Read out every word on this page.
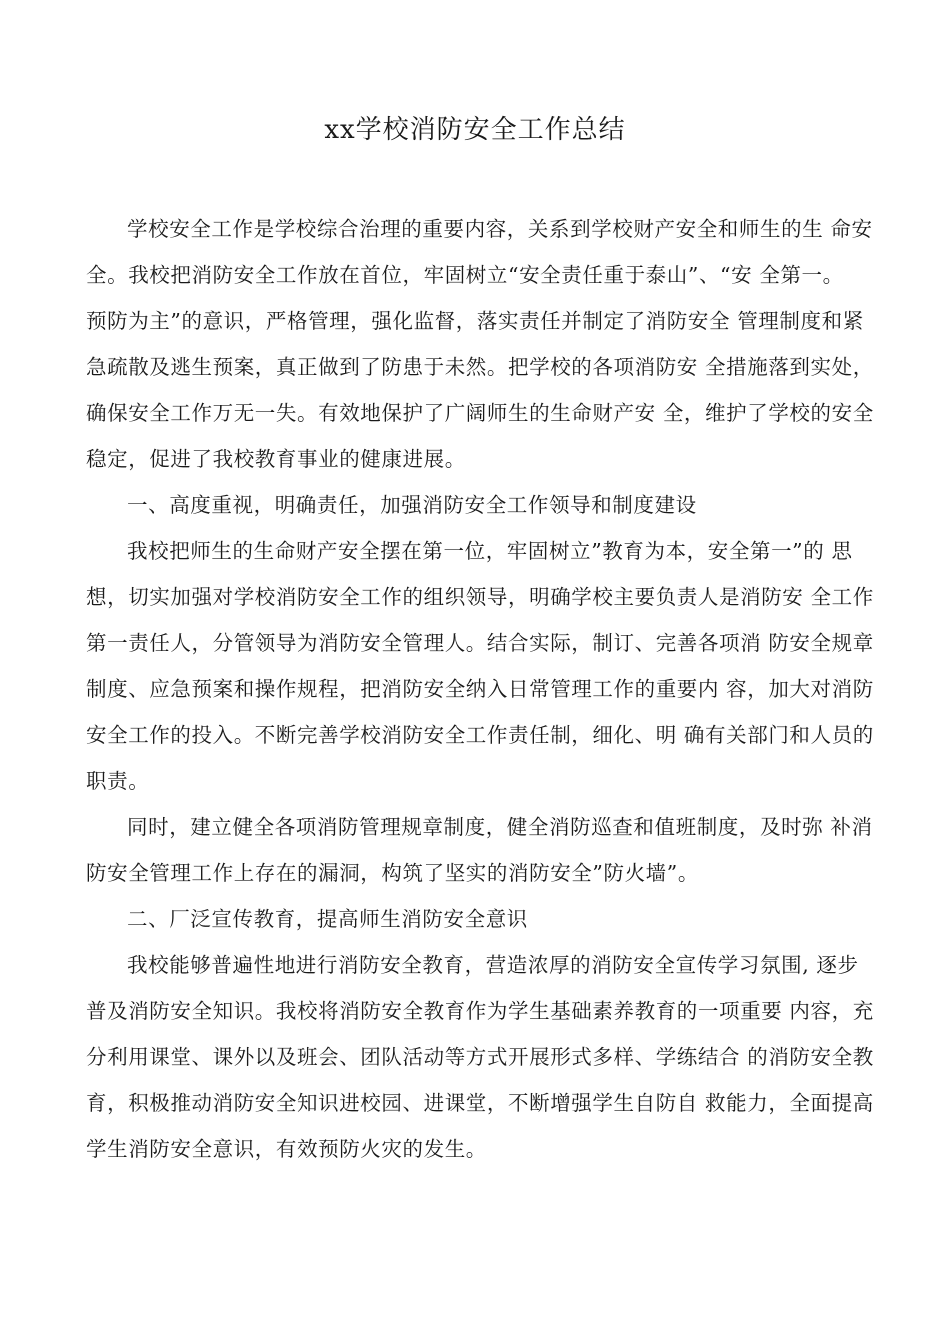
xx学校消防安全工作总结

学校安全工作是学校综合治理的重要内容，关系到学校财产安全和师生的生 命安
全。我校把消防安全工作放在首位，牢固树立“安全责任重于泰山”、“安 全第一。
预防为主”的意识，严格管理，强化监督，落实责任并制定了消防安全 管理制度和紧
急疏散及逃生预案，真正做到了防患于未然。把学校的各项消防安 全措施落到实处，
确保安全工作万无一失。有效地保护了广阔师生的生命财产安 全，维护了学校的安全
稳定，促进了我校教育事业的健康进展。

一、高度重视，明确责任，加强消防安全工作领导和制度建设

我校把师生的生命财产安全摆在第一位，牢固树立”教育为本，安全第一”的 思
想，切实加强对学校消防安全工作的组织领导，明确学校主要负责人是消防安 全工作
第一责任人，分管领导为消防安全管理人。结合实际，制订、完善各项消 防安全规章
制度、应急预案和操作规程，把消防安全纳入日常管理工作的重要内 容，加大对消防
安全工作的投入。不断完善学校消防安全工作责任制，细化、明 确有关部门和人员的
职责。

同时，建立健全各项消防管理规章制度，健全消防巡查和值班制度，及时弥 补消
防安全管理工作上存在的漏洞，构筑了坚实的消防安全”防火墙”。

二、厂泛宣传教育，提高师生消防安全意识

我校能够普遍性地进行消防安全教育，营造浓厚的消防安全宣传学习氛围, 逐步
普及消防安全知识。我校将消防安全教育作为学生基础素养教育的一项重要 内容，充
分利用课堂、课外以及班会、团队活动等方式开展形式多样、学练结合 的消防安全教
育，积极推动消防安全知识进校园、进课堂，不断增强学生自防自 救能力，全面提高
学生消防安全意识，有效预防火灾的发生。
